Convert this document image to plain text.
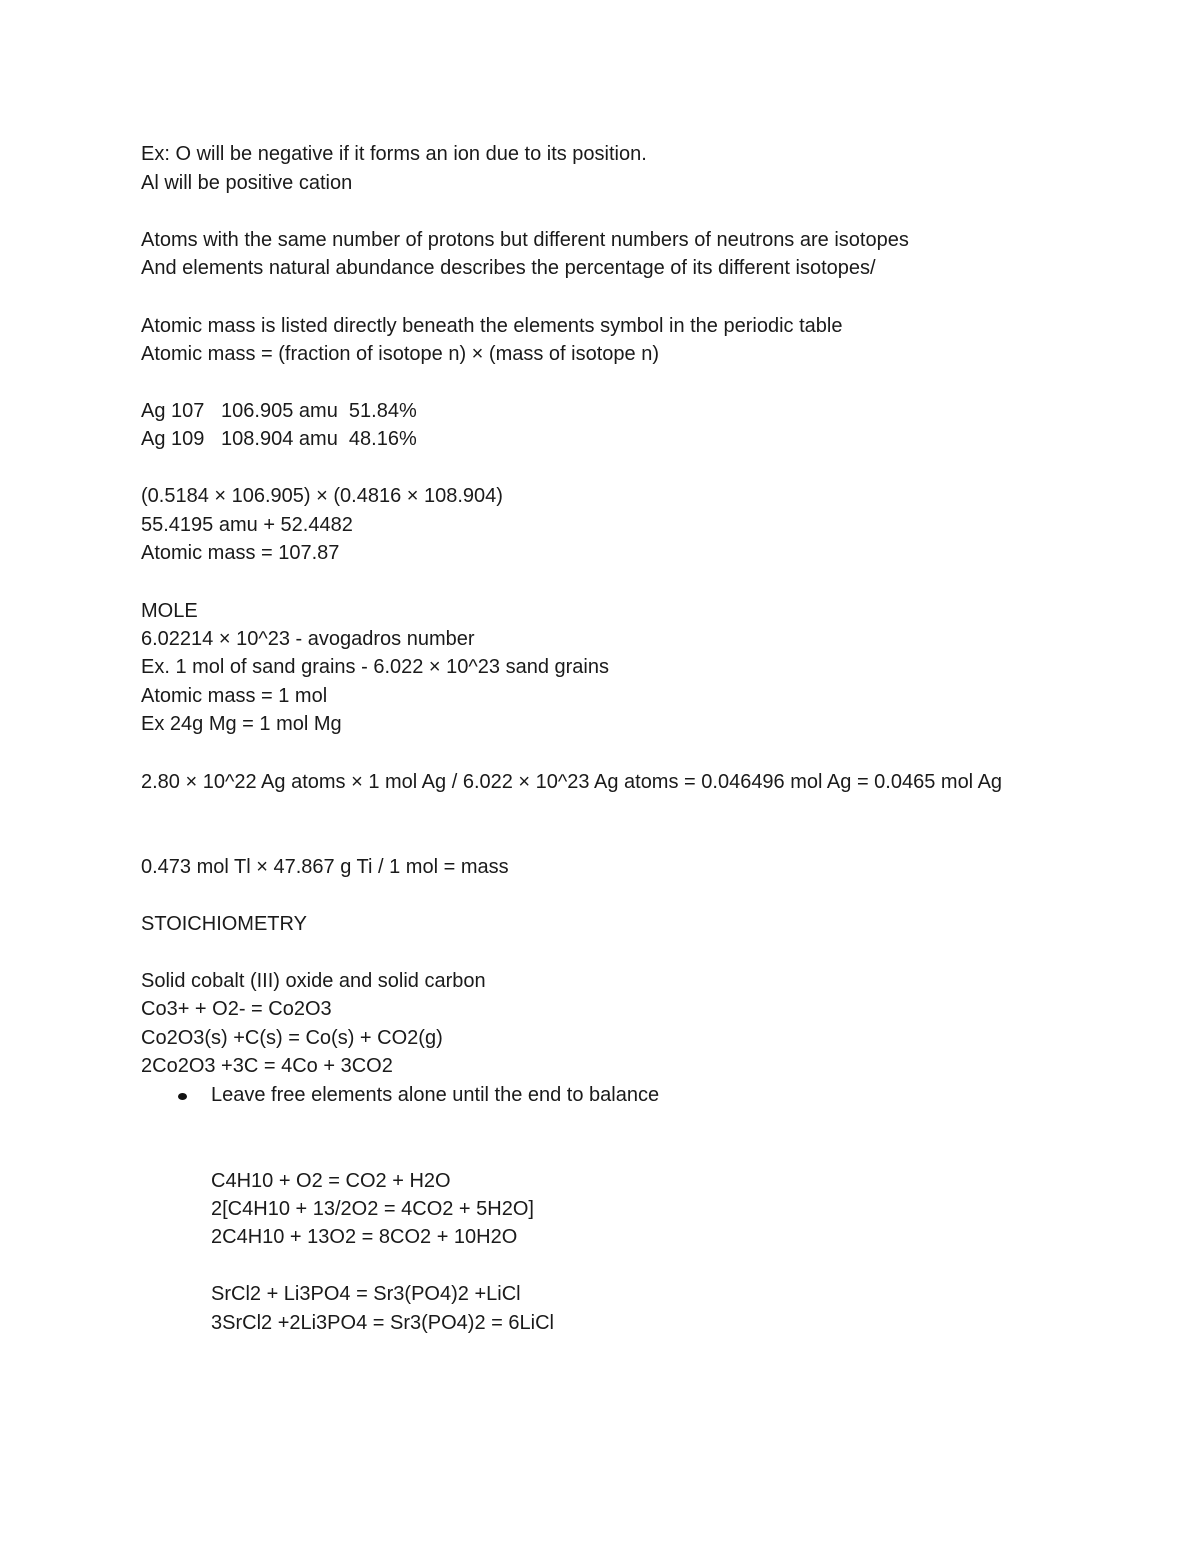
Ex: O will be negative if it forms an ion due to its position.
Al will be positive cation
Atoms with the same number of protons but different numbers of neutrons are isotopes
And elements natural abundance describes the percentage of its different isotopes/
Atomic mass is listed directly beneath the elements symbol in the periodic table
Atomic mass = (fraction of isotope n) × (mass of isotope n)
Ag 107   106.905 amu  51.84%
Ag 109   108.904 amu  48.16%
(0.5184 × 106.905) × (0.4816 × 108.904)
55.4195 amu + 52.4482
Atomic mass = 107.87
MOLE
6.02214 × 10^23 - avogadros number
Ex. 1 mol of sand grains - 6.022 × 10^23 sand grains
Atomic mass = 1 mol
Ex 24g Mg = 1 mol Mg
2.80 × 10^22 Ag atoms × 1 mol Ag / 6.022 × 10^23 Ag atoms = 0.046496 mol Ag = 0.0465 mol Ag
0.473 mol Tl × 47.867 g Ti / 1 mol = mass
STOICHIOMETRY
Solid cobalt (III) oxide and solid carbon
Co3+ + O2- = Co2O3
Co2O3(s) +C(s) = Co(s) + CO2(g)
2Co2O3 +3C = 4Co + 3CO2
Leave free elements alone until the end to balance
C4H10 + O2 = CO2 + H2O
2[C4H10 + 13/2O2 = 4CO2 + 5H2O]
2C4H10 + 13O2 = 8CO2 + 10H2O
SrCl2 + Li3PO4 = Sr3(PO4)2 +LiCl
3SrCl2 +2Li3PO4 = Sr3(PO4)2 = 6LiCl
